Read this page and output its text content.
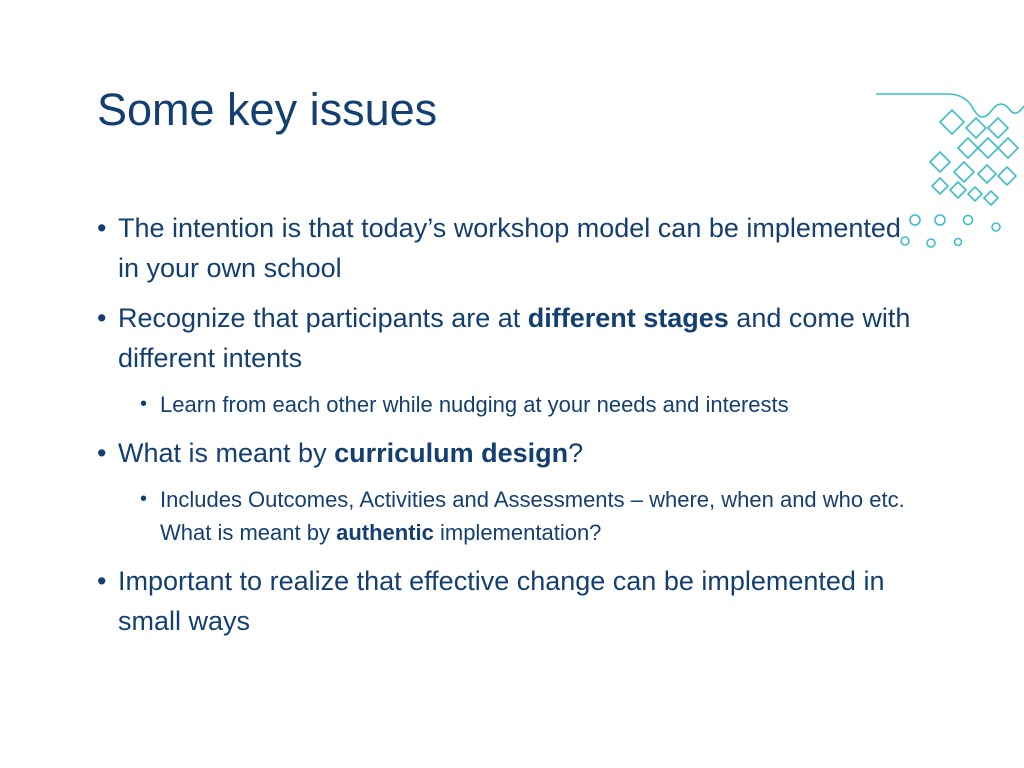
Some key issues
• The intention is that today’s workshop model can be implemented in your own school
• Recognize that participants are at different stages and come with different intents
• Learn from each other while nudging at your needs and interests
• What is meant by curriculum design?
• Includes Outcomes, Activities and Assessments – where, when and who etc. What is meant by authentic implementation?
• Important to realize that effective change can be implemented in small ways
